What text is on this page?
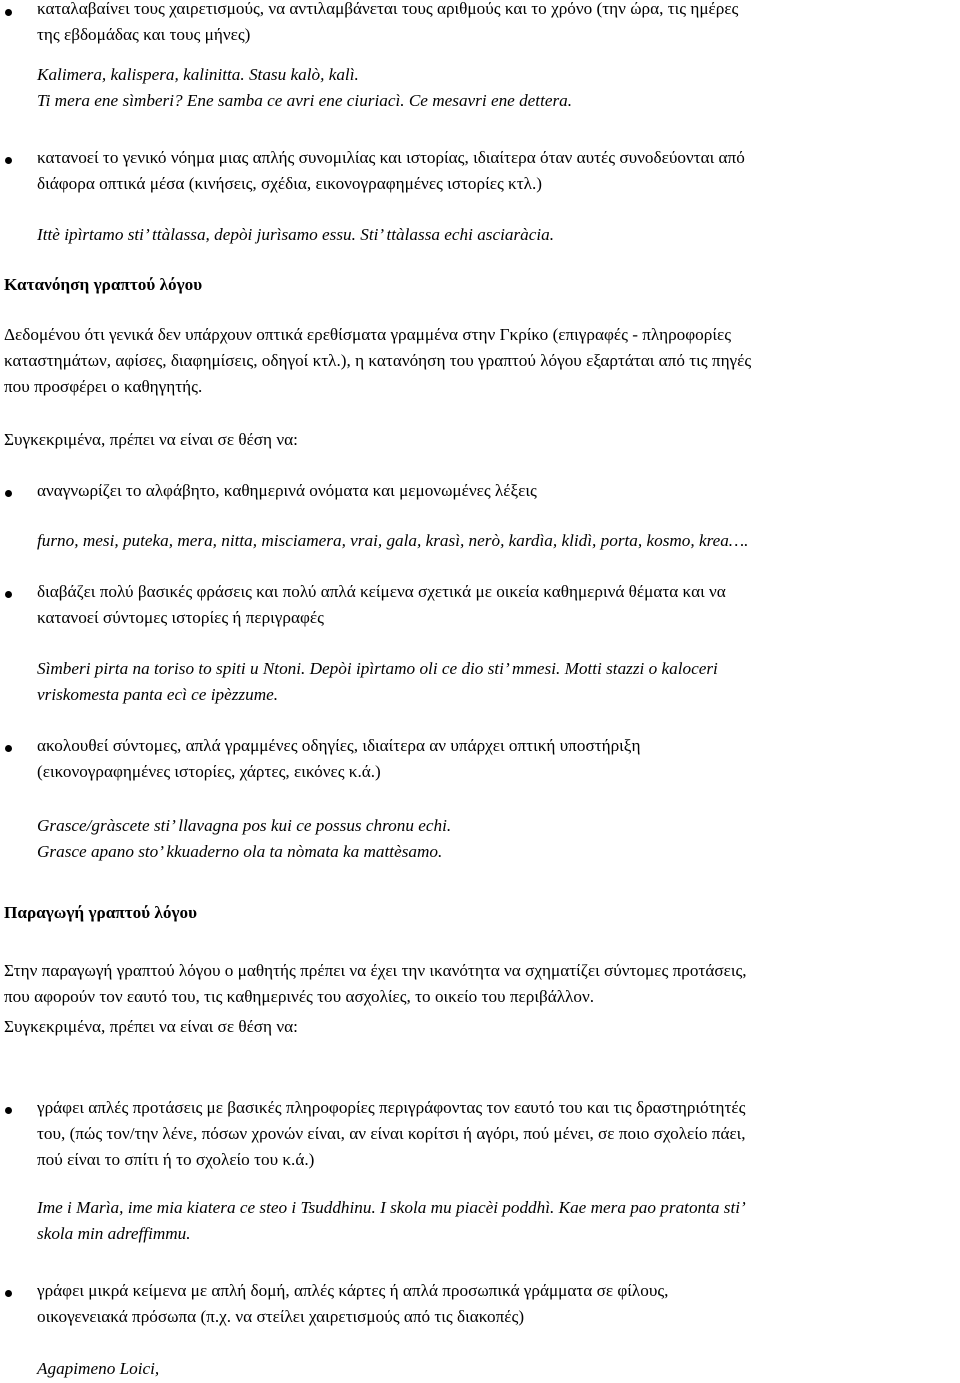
καταλαβαίνει τους χαιρετισμούς, να αντιλαμβάνεται τους αριθμούς και το χρόνο (την ώρα, τις ημέρες
της εβδομάδας και τους μήνες)
Kalimera, kalispera, kalinitta. Stasu kalò, kalì.
Ti mera ene sìmberi? Ene samba ce avri ene ciuriacì. Ce mesavri ene dettera.
κατανοεί το γενικό νόημα μιας απλής συνομιλίας και ιστορίας, ιδιαίτερα όταν αυτές συνοδεύονται από
διάφορα οπτικά μέσα (κινήσεις, σχέδια, εικονογραφημένες ιστορίες κτλ.)
Ittè ipìrtamo sti’ ttàlassa, depòi jurìsamo essu. Sti’ ttàlassa echi asciaràcia.
Κατανόηση γραπτού λόγου
Δεδομένου ότι γενικά δεν υπάρχουν οπτικά ερεθίσματα γραμμένα στην Γκρίκο (επιγραφές - πληροφορίες
καταστημάτων, αφίσες, διαφημίσεις, οδηγοί κτλ.), η κατανόηση του γραπτού λόγου εξαρτάται από τις πηγές
που προσφέρει ο καθηγητής.
Συγκεκριμένα, πρέπει να είναι σε θέση να:
αναγνωρίζει το αλφάβητο, καθημερινά ονόματα και μεμονωμένες λέξεις
furno, mesi, puteka, mera, nitta, misciamera, vrai, gala, krasì, nerò, kardìa, klidì, porta, kosmo, krea….
διαβάζει πολύ βασικές φράσεις και πολύ απλά κείμενα σχετικά με οικεία καθημερινά θέματα και να
κατανοεί σύντομες ιστορίες ή περιγραφές
Sìmberi pirta na toriso to spiti u Ntoni. Depòi ipìrtamo oli ce dio sti’ mmesi. Motti stazzi o kaloceri
vriskomesta panta ecì ce ipèzzume.
ακολουθεί σύντομες, απλά γραμμένες οδηγίες, ιδιαίτερα αν υπάρχει οπτική υποστήριξη
(εικονογραφημένες ιστορίες, χάρτες, εικόνες κ.ά.)
Grasce/gràscete sti’ llavagna pos kui ce possus chronu echi.
Grasce apano sto’ kkuaderno ola ta nòmata ka mattèsamo.
Παραγωγή γραπτού λόγου
Στην παραγωγή γραπτού λόγου ο μαθητής πρέπει να έχει την ικανότητα να σχηματίζει σύντομες προτάσεις,
που αφορούν τον εαυτό του, τις καθημερινές του ασχολίες, το οικείο του περιβάλλον.
Συγκεκριμένα, πρέπει να είναι σε θέση να:
γράφει απλές προτάσεις με βασικές πληροφορίες περιγράφοντας τον εαυτό του και τις δραστηριότητές
του, (πώς τον/την λένε, πόσων χρονών είναι, αν είναι κορίτσι ή αγόρι, πού μένει, σε ποιο σχολείο πάει,
πού είναι το σπίτι ή το σχολείο του κ.ά.)
Ime i Marìa, ime mia kiatera ce steo i Tsuddhinu. I skola mu piacèi poddhì. Kae mera pao pratonta sti’
skola min adreffimmu.
γράφει μικρά κείμενα με απλή δομή, απλές κάρτες ή απλά προσωπικά γράμματα σε φίλους,
οικογενειακά πρόσωπα (π.χ. να στείλει χαιρετισμούς από τις διακοπές)
Agapimeno Loici,
